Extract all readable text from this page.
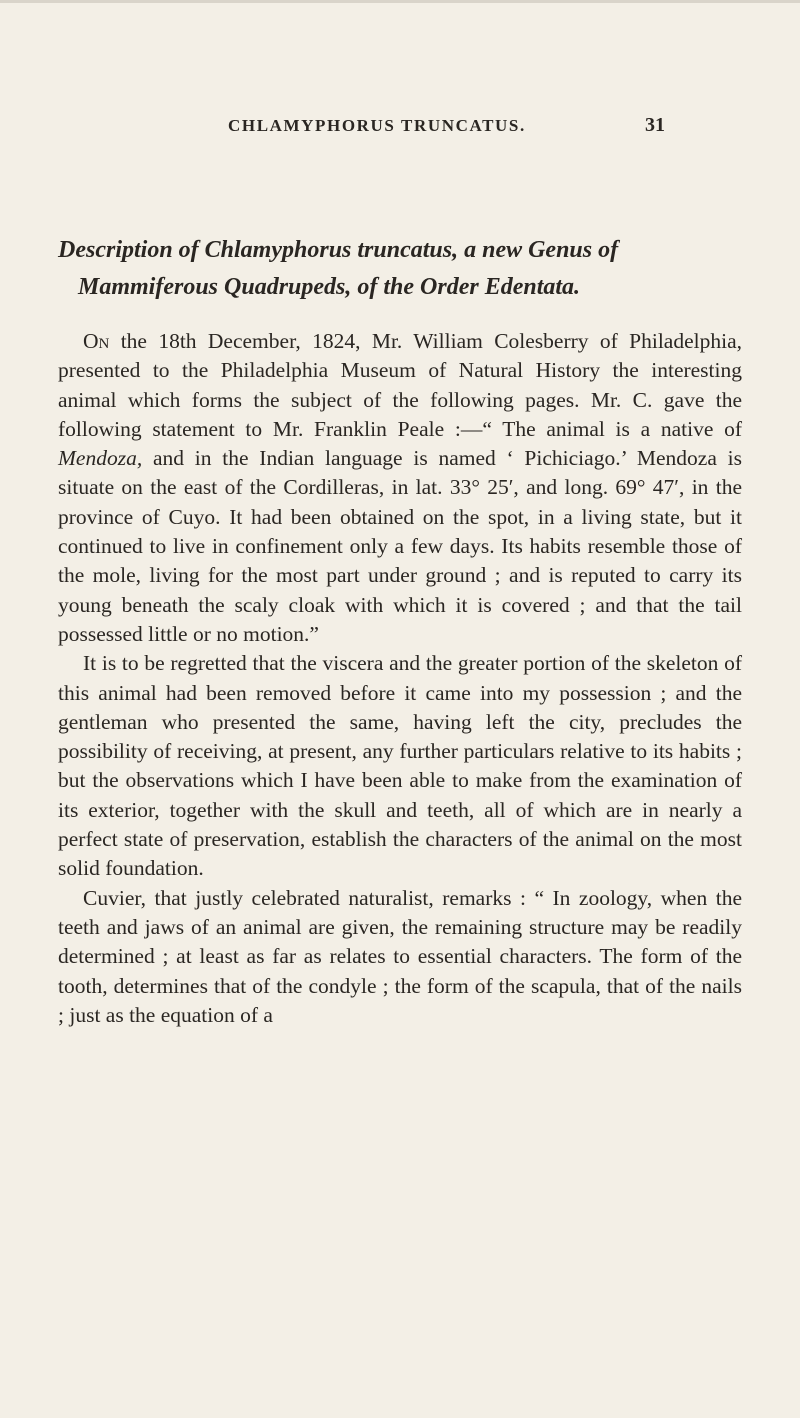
CHLAMYPHORUS TRUNCATUS.	31
Description of Chlamyphorus truncatus, a new Genus of
Mammiferous Quadrupeds, of the Order Edentata.

On the 18th December, 1824, Mr. William Colesberry of Philadelphia, presented to the Philadelphia Museum of Natural History the interesting animal which forms the subject of the following pages. Mr. C. gave the following statement to Mr. Franklin Peale :—“ The animal is a native of Mendoza, and in the Indian language is named ‘ Pichiciago.’ Mendoza is situate on the east of the Cordilleras, in lat. 33° 25′, and long. 69° 47′, in the province of Cuyo. It had been obtained on the spot, in a living state, but it continued to live in confinement only a few days. Its habits resemble those of the mole, living for the most part under ground ; and is reputed to carry its young beneath the scaly cloak with which it is covered ; and that the tail possessed little or no motion.”

It is to be regretted that the viscera and the greater portion of the skeleton of this animal had been removed before it came into my possession ; and the gentleman who presented the same, having left the city, precludes the possibility of receiving, at present, any further particulars relative to its habits ; but the observations which I have been able to make from the examination of its exterior, together with the skull and teeth, all of which are in nearly a perfect state of preservation, establish the characters of the animal on the most solid foundation.

Cuvier, that justly celebrated naturalist, remarks : “ In zoology, when the teeth and jaws of an animal are given, the remaining structure may be readily determined ; at least as far as relates to essential characters. The form of the tooth, determines that of the condyle ; the form of the scapula, that of the nails ; just as the equation of a
